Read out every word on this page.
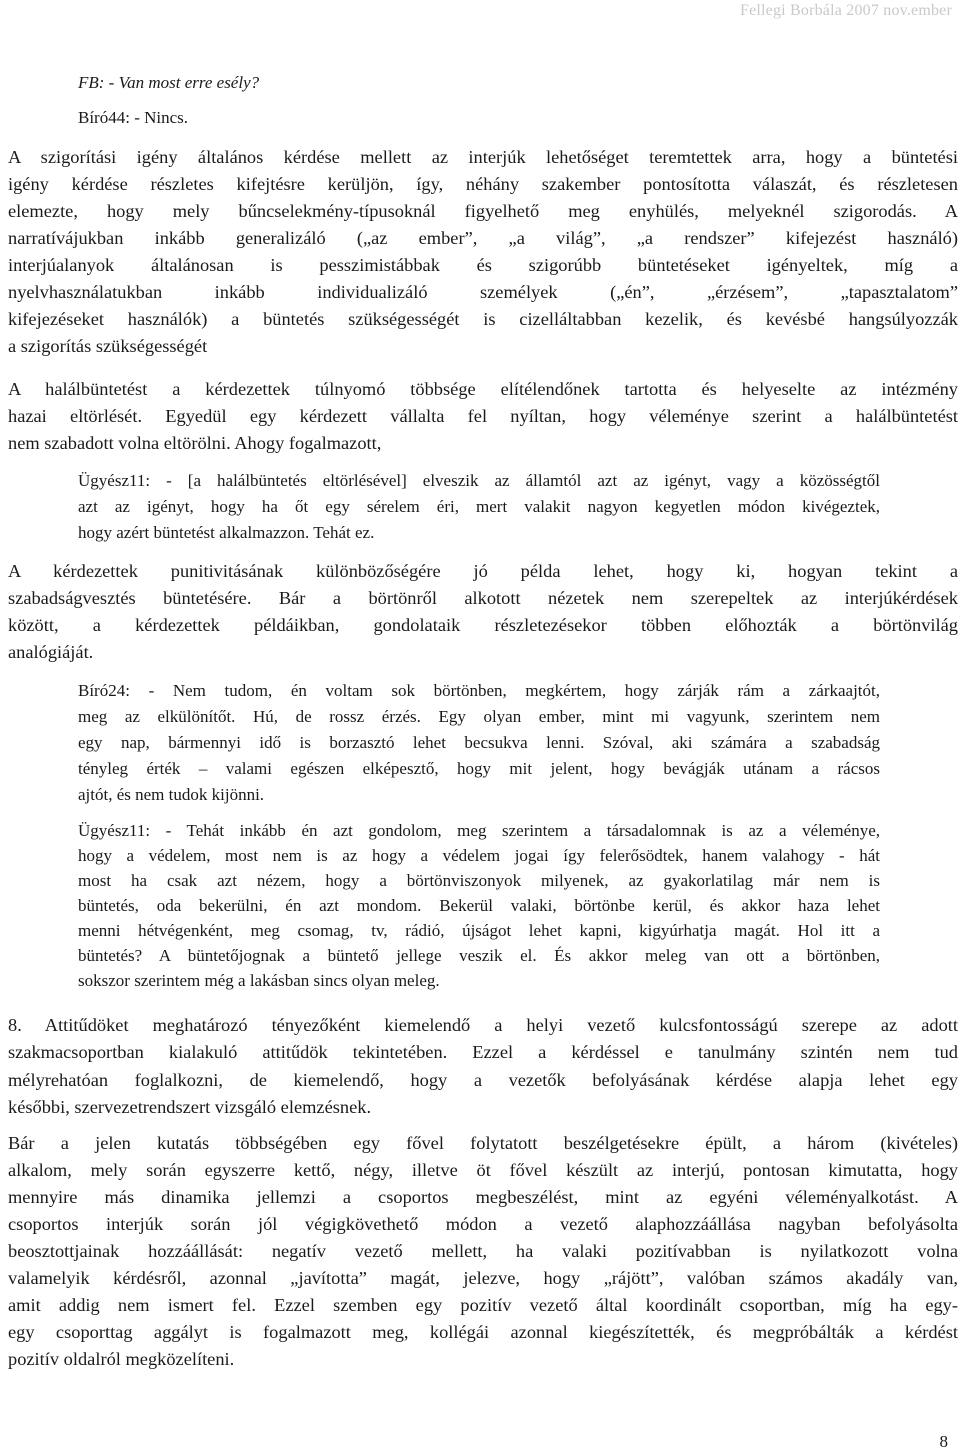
Fellegi Borbála 2007 nov.ember
FB: - Van most erre esély?
Bíró44: - Nincs.
A szigorítási igény általános kérdése mellett az interjúk lehetőséget teremtettek arra, hogy a büntetési
igény kérdése részletes kifejtésre kerüljön, így, néhány szakember pontosította válaszát, és részletesen
elemezte, hogy mely bűncselekmény-típusoknál figyelhető meg enyhülés, melyeknél szigorodás. A
narratívájukban inkább generalizáló („az ember”, „a világ”, „a rendszer” kifejezést használó)
interjúalanyok általánosan is pesszimistábbak és szigorúbb büntetéseket igényeltek, míg a
nyelvhasználatukban inkább individualizáló személyek („én”, „érzésem”, „tapasztalatom”
kifejezéseket használók) a büntetés szükségességét is cizelláltabban kezelik, és kevésbé hangsúlyozzák
a szigorítás szükségességét
A halálbüntetést a kérdezettek túlnyomó többsége elítélendőnek tartotta és helyeselte az intézmény
hazai eltörlését. Egyedül egy kérdezett vállalta fel nyíltan, hogy véleménye szerint a halálbüntetést
nem szabadott volna eltörölni. Ahogy fogalmazott,
Ügyész11: - [a halálbüntetés eltörlésével] elveszik az államtól azt az igényt, vagy a közösségtől
azt az igényt, hogy ha őt egy sérelem éri, mert valakit nagyon kegyetlen módon kivégeztek,
hogy azért büntetést alkalmazzon. Tehát ez.
A kérdezettek punitivitásának különbözőségére jó példa lehet, hogy ki, hogyan tekint a
szabadságvesztés büntetésére. Bár a börtönről alkotott nézetek nem szerepeltek az interjúkérdések
között, a kérdezettek példáikban, gondolataik részletezésekor többen előhozták a börtönvilág
analógiáját.
Bíró24: - Nem tudom, én voltam sok börtönben, megkértem, hogy zárják rám a zárkaajtót,
meg az elkülönítőt. Hú, de rossz érzés. Egy olyan ember, mint mi vagyunk, szerintem nem
egy nap, bármennyi idő is borzasztó lehet becsukva lenni. Szóval, aki számára a szabadság
tényleg érték – valami egészen elképesztő, hogy mit jelent, hogy bevágják utánam a rácsos
ajtót, és nem tudok kijönni.
Ügyész11: - Tehát inkább én azt gondolom, meg szerintem a társadalomnak is az a véleménye,
hogy a védelem, most nem is az hogy a védelem jogai így felerősödtek, hanem valahogy - hát
most ha csak azt nézem, hogy a börtönviszonyok milyenek, az gyakorlatilag már nem is
büntetés, oda bekerülni, én azt mondom. Bekerül valaki, börtönbe kerül, és akkor haza lehet
menni hétvégenként, meg csomag, tv, rádió, újságot lehet kapni, kigyúrhatja magát. Hol itt a
büntetés? A büntetőjognak a büntető jellege veszik el. És akkor meleg van ott a börtönben,
sokszor szerintem még a lakásban sincs olyan meleg.
8. Attitűdöket meghatározó tényezőként kiemelendő a helyi vezető kulcsfontosságú szerepe az adott
szakmacsoportban kialakuló attitűdök tekintetében. Ezzel a kérdéssel e tanulmány szintén nem tud
mélyrehatóan foglalkozni, de kiemelendő, hogy a vezetők befolyásának kérdése alapja lehet egy
későbbi, szervezetrendszert vizsgáló elemzésnek.
Bár a jelen kutatás többségében egy fővel folytatott beszélgetésekre épült, a három (kivételes)
alkalom, mely során egyszerre kettő, négy, illetve öt fővel készült az interjú, pontosan kimutatta, hogy
mennyire más dinamika jellemzi a csoportos megbeszélést, mint az egyéni véleményalkotást. A
csoportos interjúk során jól végigkövethető módon a vezető alaphozzáállása nagyban befolyásolta
beosztottjainak hozzáállását: negatív vezető mellett, ha valaki pozitívabban is nyilatkozott volna
valamelyik kérdésről, azonnal „javította” magát, jelezve, hogy „rájött”, valóban számos akadály van,
amit addig nem ismert fel. Ezzel szemben egy pozitív vezető által koordinált csoportban, míg ha egy-
egy csoporttag aggályt is fogalmazott meg, kollégái azonnal kiegészítették, és megpróbálták a kérdést
pozitív oldalról megközelíteni.
8
